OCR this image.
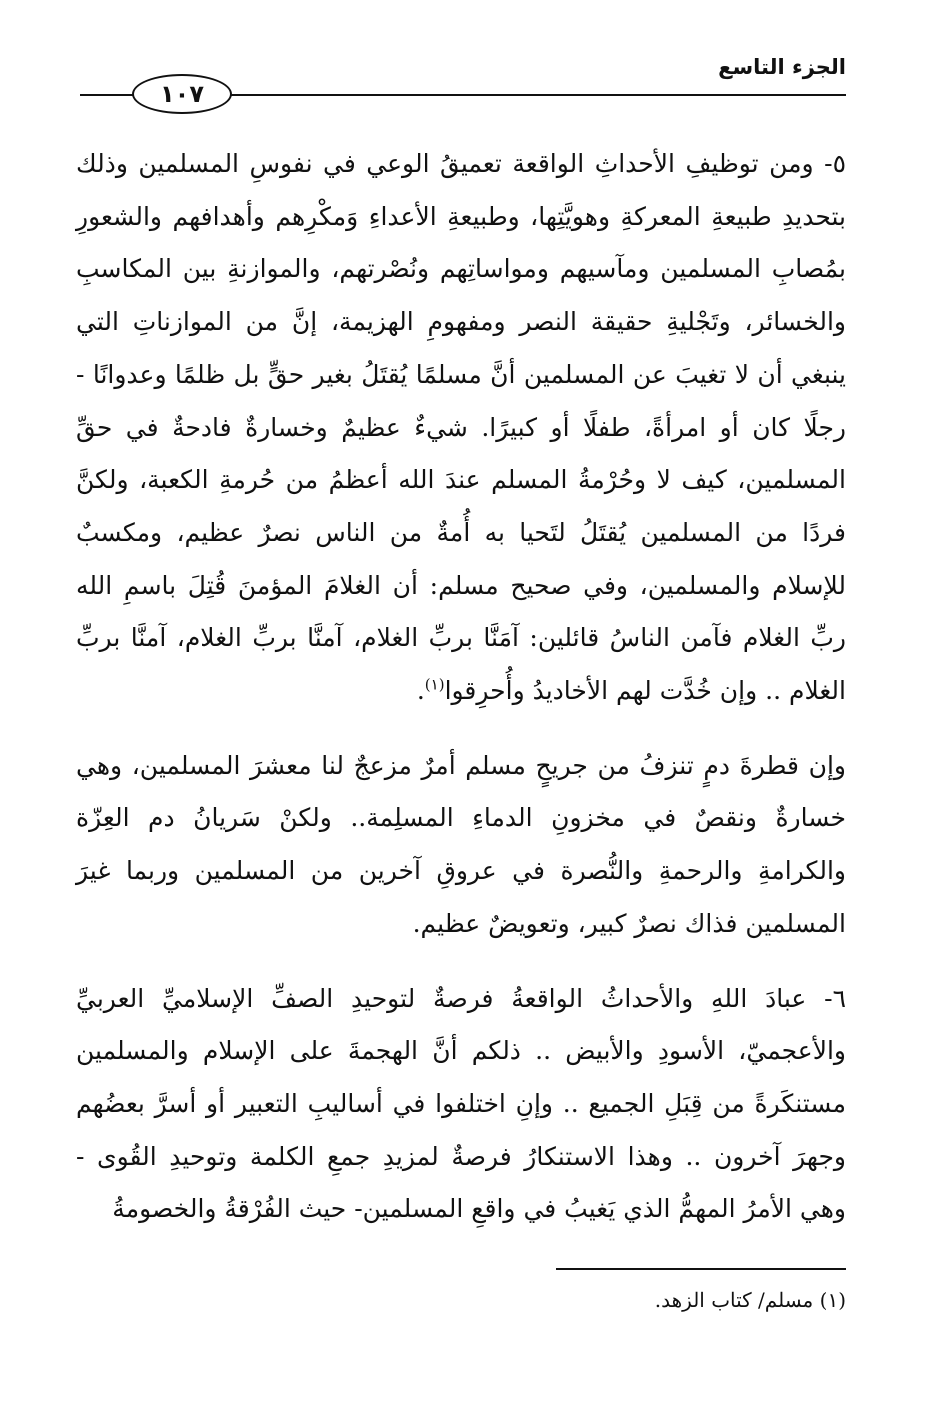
الجزء التاسع
١٠٧

٥- ومن توظيفِ الأحداثِ الواقعة تعميقُ الوعي في نفوسِ المسلمين وذلك بتحديدِ طبيعةِ المعركةِ وهويَّتِها، وطبيعةِ الأعداءِ وَمكْرِهم وأهدافهم والشعورِ بمُصابِ المسلمين ومآسيهم ومواساتِهم ونُصْرتهم، والموازنةِ بين المكاسبِ والخسائر، وتَجْليةِ حقيقة النصر ومفهومِ الهزيمة، إنَّ من الموازناتِ التي ينبغي أن لا تغيبَ عن المسلمين أنَّ مسلمًا يُقتَلُ بغير حقٍّ بل ظلمًا وعدوانًا - رجلًا كان أو امرأةً، طفلًا أو كبيرًا. شيءٌ عظيمٌ وخسارةٌ فادحةٌ في حقِّ المسلمين، كيف لا وحُرْمةُ المسلم عندَ الله أعظمُ من حُرمةِ الكعبة، ولكنَّ فردًا من المسلمين يُقتَلُ لتَحيا به أُمةٌ من الناس نصرٌ عظيم، ومكسبٌ للإسلام والمسلمين، وفي صحيح مسلم: أن الغلامَ المؤمنَ قُتِلَ باسمِ الله ربِّ الغلام فآمن الناسُ قائلين: آمَنَّا بربِّ الغلام، آمنَّا بربِّ الغلام، آمنَّا بربِّ الغلام .. وإن خُدَّت لهم الأخاديدُ وأُحرِقوا$^{(١)}$.

وإن قطرةَ دمٍ تنزفُ من جريحٍ مسلم أمرٌ مزعجٌ لنا معشرَ المسلمين، وهي خسارةٌ ونقصٌ في مخزونِ الدماءِ المسلِمة.. ولكنْ سَريانُ دم العِزّة والكرامةِ والرحمةِ والنُّصرة في عروقِ آخرين من المسلمين وربما غيرَ المسلمين فذاك نصرٌ كبير، وتعويضٌ عظيم.

٦- عبادَ اللهِ والأحداثُ الواقعةُ فرصةٌ لتوحيدِ الصفِّ الإسلاميِّ العربيِّ والأعجميّ، الأسودِ والأبيض .. ذلكم أنَّ الهجمةَ على الإسلام والمسلمين مستنكَرةً من قِبَلِ الجميع .. وإنِ اختلفوا في أساليبِ التعبير أو أسرَّ بعضُهم وجهرَ آخرون .. وهذا الاستنكارُ فرصةٌ لمزيدِ جمعِ الكلمة وتوحيدِ القُوى - وهي الأمرُ المهمُّ الذي يَغيبُ في واقعِ المسلمين- حيث الفُرْقةُ والخصومةُ

(١) مسلم/ كتاب الزهد.
